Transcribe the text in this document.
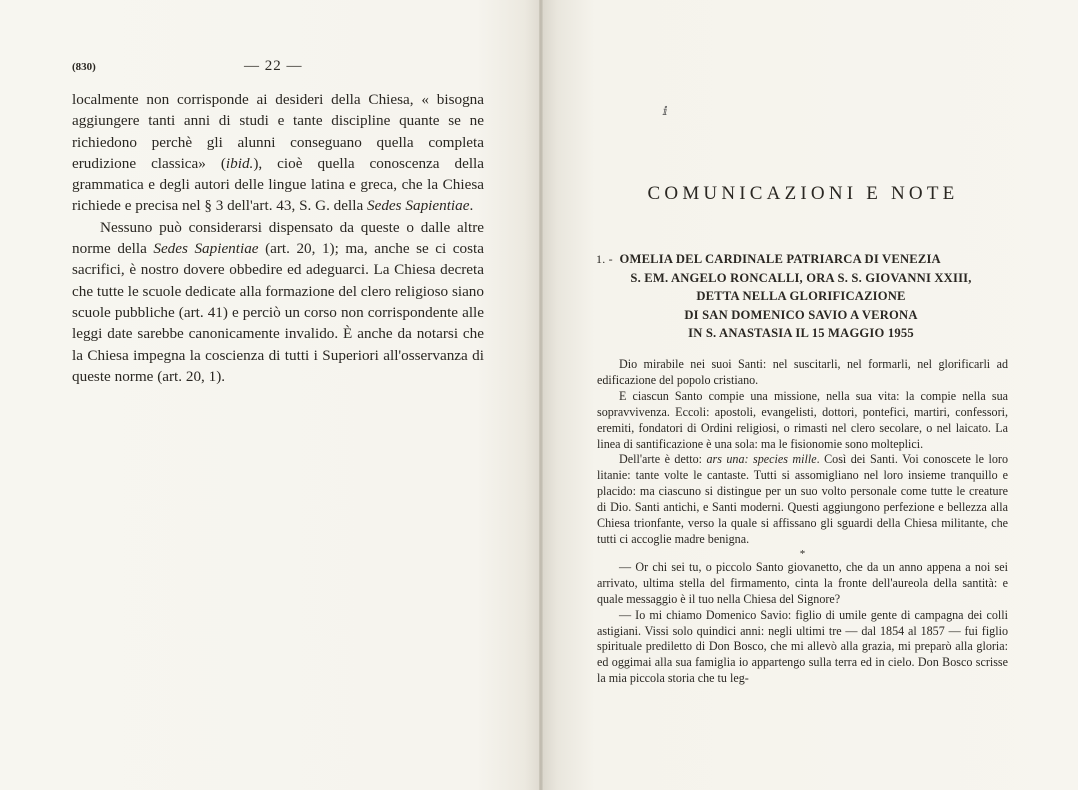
(830)	— 22 —

localmente non corrisponde ai desideri della Chiesa, « bisogna aggiungere tanti anni di studi e tante discipline quante se ne richiedono perchè gli alunni conseguano quella completa erudizione classica» (ibid.), cioè quella conoscenza della grammatica e degli autori delle lingue latina e greca, che la Chiesa richiede e precisa nel § 3 dell'art. 43, S. G. della Sedes Sapientiae.

Nessuno può considerarsi dispensato da queste o dalle altre norme della Sedes Sapientiae (art. 20, 1); ma, anche se ci costa sacrifici, è nostro dovere obbedire ed adeguarci. La Chiesa decreta che tutte le scuole dedicate alla formazione del clero religioso siano scuole pubbliche (art. 41) e perciò un corso non corrispondente alle leggi date sarebbe canonicamente invalido. È anche da notarsi che la Chiesa impegna la coscienza di tutti i Superiori all'osservanza di queste norme (art. 20, 1).

ⅈ
COMUNICAZIONI E NOTE
1. - OMELIA DEL CARDINALE PATRIARCA DI VENEZIA
S. EM. ANGELO RONCALLI, ORA S. S. GIOVANNI XXIII,
DETTA NELLA GLORIFICAZIONE
DI SAN DOMENICO SAVIO A VERONA
IN S. ANASTASIA IL 15 MAGGIO 1955

Dio mirabile nei suoi Santi: nel suscitarli, nel formarli, nel glorificarli ad edificazione del popolo cristiano.

E ciascun Santo compie una missione, nella sua vita: la compie nella sua sopravvivenza. Eccoli: apostoli, evangelisti, dottori, pontefici, martiri, confessori, eremiti, fondatori di Ordini religiosi, o rimasti nel clero secolare, o nel laicato. La linea di santificazione è una sola: ma le fisionomie sono molteplici.

Dell'arte è detto: ars una: species mille. Così dei Santi. Voi conoscete le loro litanie: tante volte le cantaste. Tutti si assomigliano nel loro insieme tranquillo e placido: ma ciascuno si distingue per un suo volto personale come tutte le creature di Dio. Santi antichi, e Santi moderni. Questi aggiungono perfezione e bellezza alla Chiesa trionfante, verso la quale si affissano gli sguardi della Chiesa militante, che tutti ci accoglie madre benigna.

*

— Or chi sei tu, o piccolo Santo giovanetto, che da un anno appena a noi sei arrivato, ultima stella del firmamento, cinta la fronte dell'aureola della santità: e quale messaggio è il tuo nella Chiesa del Signore?

— Io mi chiamo Domenico Savio: figlio di umile gente di campagna dei colli astigiani. Vissi solo quindici anni: negli ultimi tre — dal 1854 al 1857 — fui figlio spirituale prediletto di Don Bosco, che mi allevò alla grazia, mi preparò alla gloria: ed oggimai alla sua famiglia io appartengo sulla terra ed in cielo. Don Bosco scrisse la mia piccola storia che tu leg-
